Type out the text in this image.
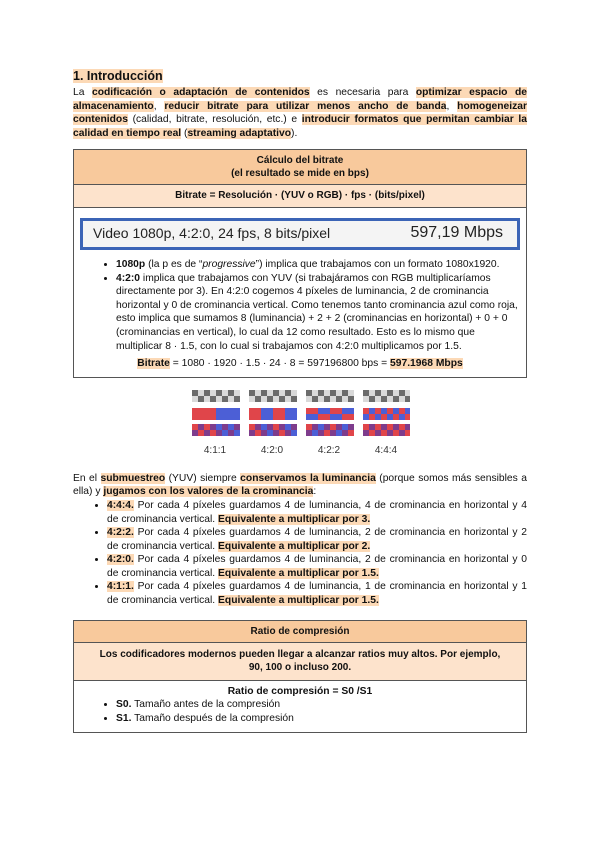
1. Introducción

La codificación o adaptación de contenidos es necesaria para optimizar espacio de almacenamiento, reducir bitrate para utilizar menos ancho de banda, homogeneizar contenidos (calidad, bitrate, resolución, etc.) e introducir formatos que permitan cambiar la calidad en tiempo real (streaming adaptativo).

Cálculo del bitrate
(el resultado se mide en bps)
Bitrate = Resolución · (YUV o RGB) · fps · (bits/pixel)
Video 1080p, 4:2:0, 24 fps, 8 bits/pixel	597,19 Mbps
• 1080p (la p es de “progressive”) implica que trabajamos con un formato 1080x1920.
• 4:2:0 implica que trabajamos con YUV (si trabajáramos con RGB multiplicaríamos directamente por 3). En 4:2:0 cogemos 4 píxeles de luminancia, 2 de crominancia horizontal y 0 de crominancia vertical. Como tenemos tanto crominancia azul como roja, esto implica que sumamos 8 (luminancia) + 2 + 2 (crominancias en horizontal) + 0 + 0 (crominancias en vertical), lo cual da 12 como resultado. Esto es lo mismo que multiplicar 8 · 1.5, con lo cual si trabajamos con 4:2:0 multiplicamos por 1.5.
Bitrate = 1080 · 1920 · 1.5 · 24 · 8 = 597196800 bps = 597.1968 Mbps
4:1:1	4:2:0	4:2:2	4:4:4

En el submuestreo (YUV) siempre conservamos la luminancia (porque somos más sensibles a ella) y jugamos con los valores de la crominancia:

• 4:4:4. Por cada 4 píxeles guardamos 4 de luminancia, 4 de crominancia en horizontal y 4 de crominancia vertical. Equivalente a multiplicar por 3.
• 4:2:2. Por cada 4 píxeles guardamos 4 de luminancia, 2 de crominancia en horizontal y 2 de crominancia vertical. Equivalente a multiplicar por 2.
• 4:2:0. Por cada 4 píxeles guardamos 4 de luminancia, 2 de crominancia en horizontal y 0 de crominancia vertical. Equivalente a multiplicar por 1.5.
• 4:1:1. Por cada 4 píxeles guardamos 4 de luminancia, 1 de crominancia en horizontal y 1 de crominancia vertical. Equivalente a multiplicar por 1.5.
Ratio de compresión
Los codificadores modernos pueden llegar a alcanzar ratios muy altos. Por ejemplo, 90, 100 o incluso 200.
Ratio de compresión = S0 /S1
• S0. Tamaño antes de la compresión
• S1. Tamaño después de la compresión
